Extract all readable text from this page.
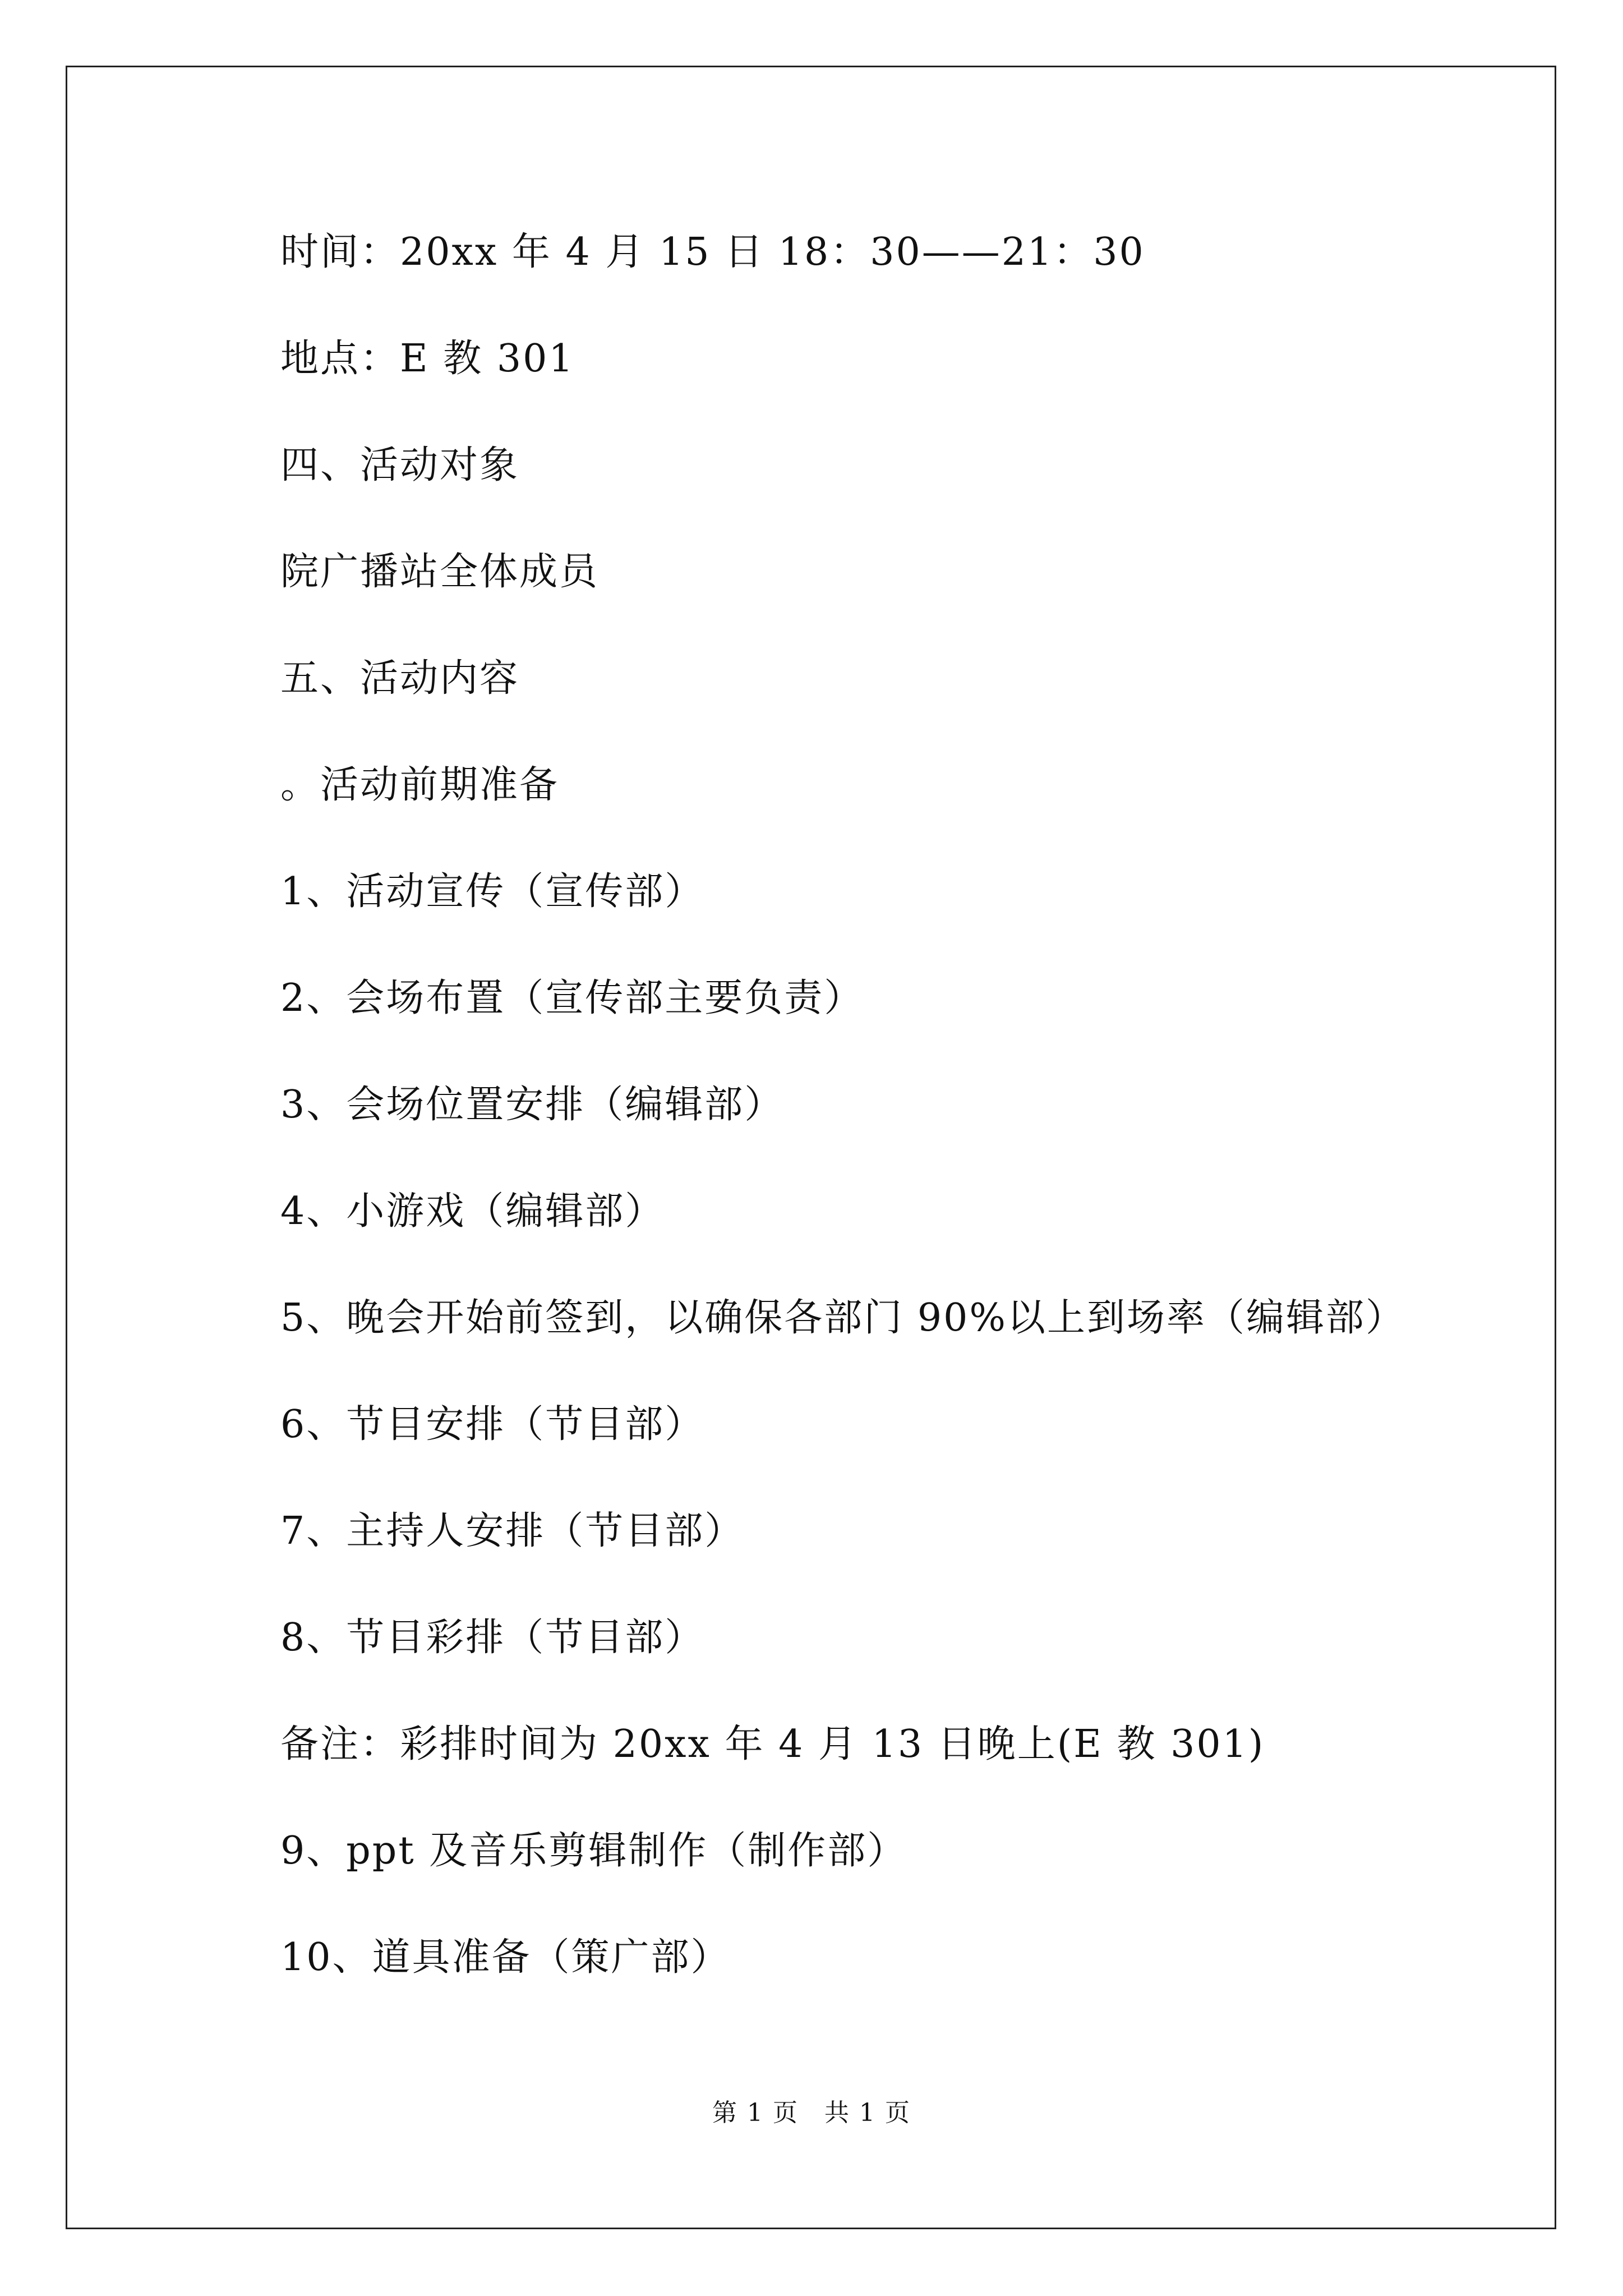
时间：20xx 年 4 月 15 日 18：30——21：30
地点：E 教 301
四、活动对象
院广播站全体成员
五、活动内容
。活动前期准备
1、活动宣传（宣传部）
2、会场布置（宣传部主要负责）
3、会场位置安排（编辑部）
4、小游戏（编辑部）
5、晚会开始前签到，以确保各部门 90%以上到场率（编辑部）
6、节目安排（节目部）
7、主持人安排（节目部）
8、节目彩排（节目部）
备注：彩排时间为 20xx 年 4 月 13 日晚上(E 教 301)
9、ppt 及音乐剪辑制作（制作部）
10、道具准备（策广部）
第 1 页　共 1 页
